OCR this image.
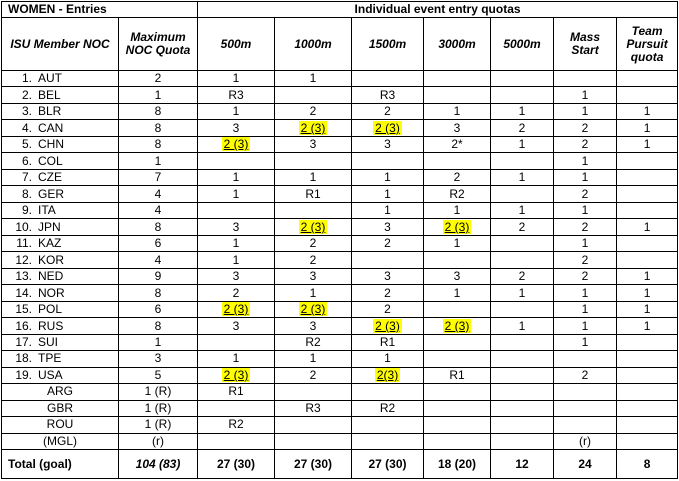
WOMEN - Entries		Individual event entry quotas						

ISU Member NOC	Maximum NOC Quota	500m	1000m	1500m	3000m	5000m	Mass Start	Team Pursuit quota

1. AUT	2	1	1					
2. BEL	1	R3		R3			1	
3. BLR	8	1	2	2	1	1	1	1
4. CAN	8	3	2 (3)	2 (3)	3	2	2	1
5. CHN	8	2 (3)	3	3	2*	1	2	1
6. COL	1						1	
7. CZE	7	1	1	1	2	1	1	
8. GER	4	1	R1	1	R2		2	
9. ITA	4			1	1	1	1	
10. JPN	8	3	2 (3)	3	2 (3)	2	2	1
11. KAZ	6	1	2	2	1		1	
12. KOR	4	1	2				2	
13. NED	9	3	3	3	3	2	2	1
14. NOR	8	2	1	2	1	1	1	1
15. POL	6	2 (3)	2 (3)	2			1	1
16. RUS	8	3	3	2 (3)	2 (3)	1	1	1
17. SUI	1		R2	R1			1	
18. TPE	3	1	1	1				
19. USA	5	2 (3)	2	2(3)	R1		2	
ARG	1 (R)	R1						
GBR	1 (R)		R3	R2				
ROU	1 (R)	R2						
(MGL)	(r)						(r)	
Total (goal)	104 (83)	27 (30)	27 (30)	27 (30)	18 (20)	12	24	8
